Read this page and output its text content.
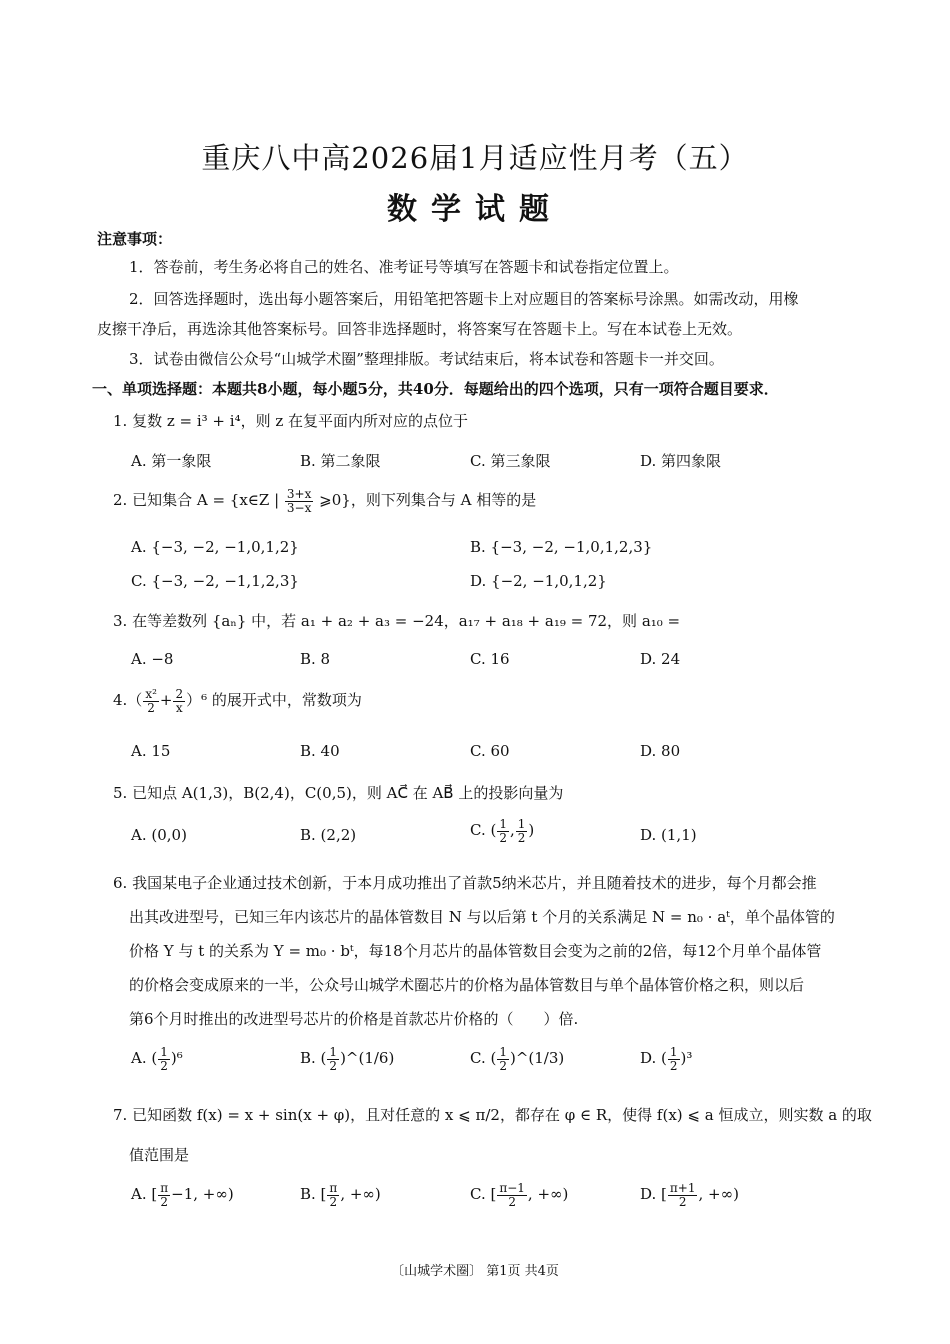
重庆八中高2026届1月适应性月考（五）
数学试题
注意事项：
1．答卷前，考生务必将自己的姓名、准考证号等填写在答题卡和试卷指定位置上。
2．回答选择题时，选出每小题答案后，用铅笔把答题卡上对应题目的答案标号涂黑。如需改动，用橡
皮擦干净后，再选涂其他答案标号。回答非选择题时，将答案写在答题卡上。写在本试卷上无效。
3．试卷由微信公众号“山城学术圈”整理排版。考试结束后，将本试卷和答题卡一并交回。
一、单项选择题：本题共8小题，每小题5分，共40分．每题给出的四个选项，只有一项符合题目要求．
1. 复数 z = i³ + i⁴，则 z 在复平面内所对应的点位于
A. 第一象限	B. 第二象限	C. 第三象限	D. 第四象限
2. 已知集合 A = {x∈Z | $\frac{3+x}{3-x}$ ⩾0}，则下列集合与 A 相等的是
A. {−3, −2, −1,0,1,2}	B. {−3, −2, −1,0,1,2,3}
C. {−3, −2, −1,1,2,3}	D. {−2, −1,0,1,2}
3. 在等差数列 {aₙ} 中，若 a₁ + a₂ + a₃ = −24，a₁₇ + a₁₈ + a₁₉ = 72，则 a₁₀ =
A. −8	B. 8	C. 16	D. 24
$4.( \frac{\text{x²}}{2} + \frac{2}{x} )^6$ 的展开式中，常数项为
A. 15	B. 40	C. 60	D. 80
5. 已知点 A(1,3)，B(2,4)，C(0,5)，则 AC⃗ 在 AB⃗ 上的投影向量为
A. (0,0)	B. (2,2)	C. ( $\frac{1}{2}$ , $\frac{1}{2}$ )	D. (1,1)
6. 我国某电子企业通过技术创新，于本月成功推出了首款5纳米芯片，并且随着技术的进步，每个月都会推
出其改进型号，已知三年内该芯片的晶体管数目 N 与以后第 t 个月的关系满足 N = n₀ · aᵗ，单个晶体管的
价格 Y 与 t 的关系为 Y = m₀ · bᵗ，每18个月芯片的晶体管数目会变为之前的2倍，每12个月单个晶体管
的价格会变成原来的一半，公众号山城学术圈芯片的价格为晶体管数目与单个晶体管价格之积，则以后
第6个月时推出的改进型号芯片的价格是首款芯片价格的（　　）倍.
A. ( $\frac{1}{2} )^6$	B. ( $\frac{1}{2}$ )^(1/6)	C. ( $\frac{1}{2}$ )^(1/3)	D. ( $\frac{1}{2} )^3$
7. 已知函数 f(x) = x + sin(x + φ)，且对任意的 x ⩽ π/2，都存在 φ ∈ R，使得 f(x) ⩽ a 恒成立，则实数 a 的取
值范围是
A. [ $\frac{\pi}{2} -1$, +∞)	B. [ $\frac{\pi}{2}$ , +∞)	C. [ $\frac{\pi-1}{2}$ , +∞)	D. [ $\frac{\pi+1}{2}$ , +∞)
〔山城学术圈〕 第1页 共4页
